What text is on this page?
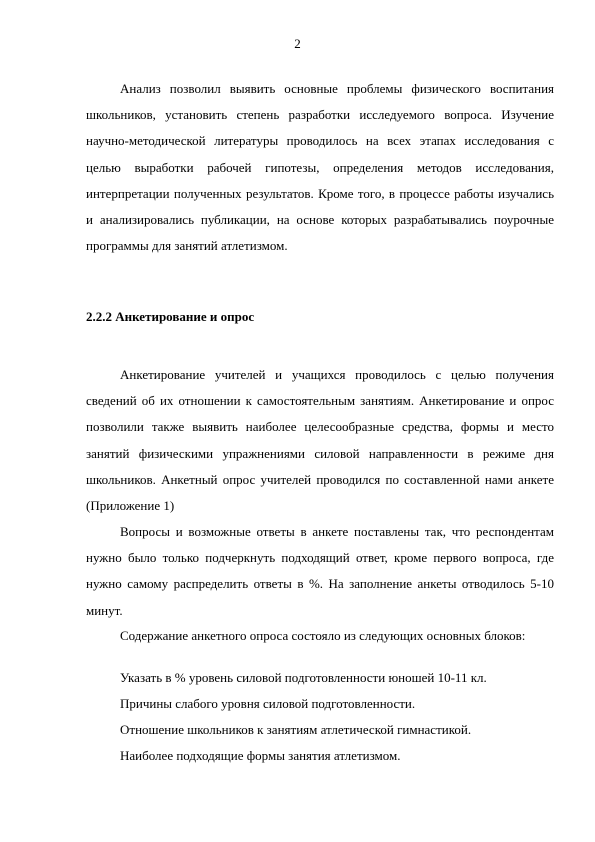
2

Анализ позволил выявить основные проблемы физического воспитания школьников, установить степень разработки исследуемого вопроса. Изучение научно-методической литературы проводилось на всех этапах исследования с целью выработки рабочей гипотезы, определения методов исследования, интерпретации полученных результатов. Кроме того, в процессе работы изучались и анализировались публикации, на основе которых разрабатывались поурочные программы для занятий атлетизмом.

2.2.2 Анкетирование и опрос

Анкетирование учителей и учащихся проводилось с целью получения сведений об их отношении к самостоятельным занятиям. Анкетирование и опрос позволили также выявить наиболее целесообразные средства, формы и место занятий физическими упражнениями силовой направленности в режиме дня школьников. Анкетный опрос учителей проводился по составленной нами анкете (Приложение 1)

Вопросы и возможные ответы в анкете поставлены так, что респондентам нужно было только подчеркнуть подходящий ответ, кроме первого вопроса, где нужно самому распределить ответы в %. На заполнение анкеты отводилось 5-10 минут.

Содержание анкетного опроса состояло из следующих основных блоков:

Указать в % уровень силовой подготовленности юношей 10-11 кл.
Причины слабого уровня силовой подготовленности.
Отношение школьников к занятиям атлетической гимнастикой.
Наиболее подходящие формы занятия атлетизмом.
